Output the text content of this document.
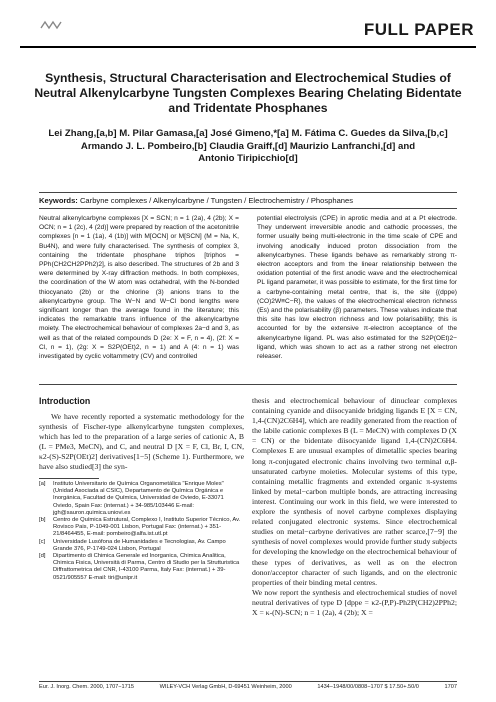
FULL PAPER
Synthesis, Structural Characterisation and Electrochemical Studies of Neutral Alkenylcarbyne Tungsten Complexes Bearing Chelating Bidentate and Tridentate Phosphanes
Lei Zhang,[a,b] M. Pilar Gamasa,[a] José Gimeno,*[a] M. Fátima C. Guedes da Silva,[b,c]
Armando J. L. Pombeiro,[b] Claudia Graiff,[d] Maurizio Lanfranchi,[d] and
Antonio Tiripicchio[d]
Keywords: Carbyne complexes / Alkenylcarbyne / Tungsten / Electrochemistry / Phosphanes
Neutral alkenylcarbyne complexes [X = SCN; n = 1 (2a), 4 (2b); X = OCN; n = 1 (2c), 4 (2d)] were prepared by reaction of the acetonitrile complexes [n = 1 (1a), 4 (1b)] with M[OCN] or M[SCN] (M = Na, K, Bu4N), and were fully characterised. The synthesis of complex 3, containing the tridentate phosphane triphos [triphos = PPh(CH2CH2PPh2)2], is also described. The structures of 2b and 3 were determined by X-ray diffraction methods. In both complexes, the coordination of the W atom was octahedral, with the N-bonded thiocyanato (2b) or the chlorine (3) anions trans to the alkenylcarbyne group. The W−N and W−Cl bond lengths were significant longer than the average found in the literature; this indicates the remarkable trans influence of the alkenylcarbyne moiety. The electrochemical behaviour of complexes 2a−d and 3, as well as that of the related compounds D (2e: X = F, n = 4), (2f: X = Cl, n = 1), (2g: X = S2P(OEt)2, n = 1) and A (4: n = 1) was investigated by cyclic voltammetry (CV) and controlled
potential electrolysis (CPE) in aprotic media and at a Pt electrode. They underwent irreversible anodic and cathodic processes, the former usually being multi-electronic in the time scale of CPE and involving anodically induced proton dissociation from the alkenylcarbynes. These ligands behave as remarkably strong π-electron acceptors and from the linear relationship between the oxidation potential of the first anodic wave and the electrochemical PL ligand parameter, it was possible to estimate, for the first time for a carbyne-containing metal centre, that is, the site {(dppe)(CO)2W≡C−R}, the values of the electrochemical electron richness (Es) and the polarisability (β) parameters. These values indicate that this site has low electron richness and low polarisability; this is accounted for by the extensive π-electron acceptance of the alkenylcarbyne ligand. PL was also estimated for the S2P(OEt)2− ligand, which was shown to act as a rather strong net electron releaser.
Introduction
We have recently reported a systematic methodology for the synthesis of Fischer-type alkenylcarbyne tungsten complexes, which has led to the preparation of a large series of cationic A, B (L = PMe3, MeCN), and C, and neutral D [X = F, Cl, Br, I, CN, κ2-(S)-S2P(OEt)2] derivatives[1−5] (Scheme 1). Furthermore, we have also studied[3] the syn-
thesis and electrochemical behaviour of dinuclear complexes containing cyanide and diisocyanide bridging ligands E [X = CN, 1,4-(CN)2C6H4], which are readily generated from the reaction of the labile cationic complexes B (L = MeCN) with complexes D (X = CN) or the bidentate diisocyanide ligand 1,4-(CN)2C6H4. Complexes E are unusual examples of dimetallic species bearing long π-conjugated electronic chains involving two terminal α,β-unsaturated carbyne moieties. Molecular systems of this type, containing metallic fragments and extended organic π-systems linked by metal−carbon multiple bonds, are attracting increasing interest. Continuing our work in this field, we were interested to explore the synthesis of novel carbyne complexes displaying related conjugated electronic systems. Since electrochemical studies on metal−carbyne derivatives are rather scarce,[7−9] the synthesis of novel complexes would provide further study subjects for developing the knowledge on the electrochemical behaviour of these types of derivatives, as well as on the electron donor/acceptor character of such ligands, and on the electronic properties of their binding metal centres.
We now report the synthesis and electrochemical studies of novel neutral derivatives of type D [dppe = κ2-(P,P)-Ph2P(CH2)2PPh2; X = κ-(N)-SCN; n = 1 (2a), 4 (2b); X =
[a]	Instituto Universitario de Química Organometálica "Enrique Moles" (Unidad Asociada al CSIC), Departamento de Química Orgánica e Inorgánica, Facultad de Química, Universidad de Oviedo, E-33071 Oviedo, Spain Fax: (internat.) + 34-985/103446 E-mail: jgh@sauron.quimica.uniovi.es
[b]	Centro de Química Estrutural, Complexo I, Instituto Superior Técnico, Av. Rovisco Pais, P-1049-001 Lisbon, Portugal Fax: (internat.) + 351-21/8464455, E-mail: pombeiro@alfa.ist.utl.pt
[c]	Universidade Lusófona de Humanidades e Tecnologias, Av. Campo Grande 376, P-1749-024 Lisbon, Portugal
[d]	Dipartimento di Chimica Generale ed Inorganica, Chimica Analitica, Chimica Fisica, Università di Parma, Centro di Studio per la Strutturistica Diffrattometrica del CNR, I-43100 Parma, Italy Fax: (internat.) + 39-0521/905557 E-mail: tiri@unipr.it
Eur. J. Inorg. Chem. 2000, 1707−1715	WILEY-VCH Verlag GmbH, D-69451 Weinheim, 2000	1434−1948/00/0808−1707 $ 17.50+.50/0	1707
